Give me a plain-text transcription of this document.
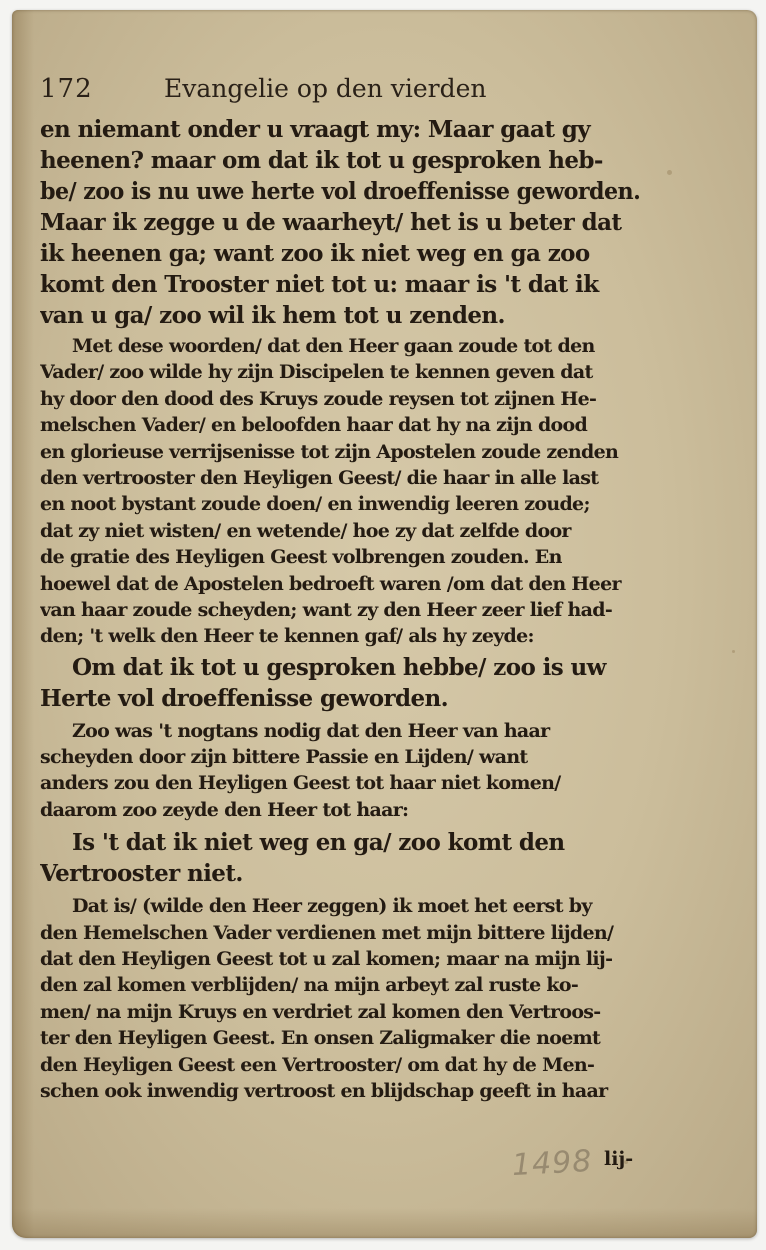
172	Evangelie op den vierden
en niemant onder u vraagt my: Maar gaat gy
heenen? maar om dat ik tot u gesproken heb-
be/ zoo is nu uwe herte vol droeffenisse geworden.
Maar ik zegge u de waarheyt/ het is u beter dat
ik heenen ga; want zoo ik niet weg en ga zoo
komt den Trooster niet tot u: maar is 't dat ik
van u ga/ zoo wil ik hem tot u zenden.
Met dese woorden/ dat den Heer gaan zoude tot den
Vader/ zoo wilde hy zijn Discipelen te kennen geven dat
hy door den dood des Kruys zoude reysen tot zijnen He-
melschen Vader/ en beloofden haar dat hy na zijn dood
en glorieuse verrijsenisse tot zijn Apostelen zoude zenden
den vertrooster den Heyligen Geest/ die haar in alle last
en noot bystant zoude doen/ en inwendig leeren zoude;
dat zy niet wisten/ en wetende/ hoe zy dat zelfde door
de gratie des Heyligen Geest volbrengen zouden. En
hoewel dat de Apostelen bedroeft waren /om dat den Heer
van haar zoude scheyden; want zy den Heer zeer lief had-
den; 't welk den Heer te kennen gaf/ als hy zeyde:
Om dat ik tot u gesproken hebbe/ zoo is uw
Herte vol droeffenisse geworden.
Zoo was 't nogtans nodig dat den Heer van haar
scheyden door zijn bittere Passie en Lijden/ want
anders zou den Heyligen Geest tot haar niet komen/
daarom zoo zeyde den Heer tot haar:
Is 't dat ik niet weg en ga/ zoo komt den
Vertrooster niet.
Dat is/ (wilde den Heer zeggen) ik moet het eerst by
den Hemelschen Vader verdienen met mijn bittere lijden/
dat den Heyligen Geest tot u zal komen; maar na mijn lij-
den zal komen verblijden/ na mijn arbeyt zal ruste ko-
men/ na mijn Kruys en verdriet zal komen den Vertroos-
ter den Heyligen Geest. En onsen Zaligmaker die noemt
den Heyligen Geest een Vertrooster/ om dat hy de Men-
schen ook inwendig vertroost en blijdschap geeft in haar
1498 lij-
